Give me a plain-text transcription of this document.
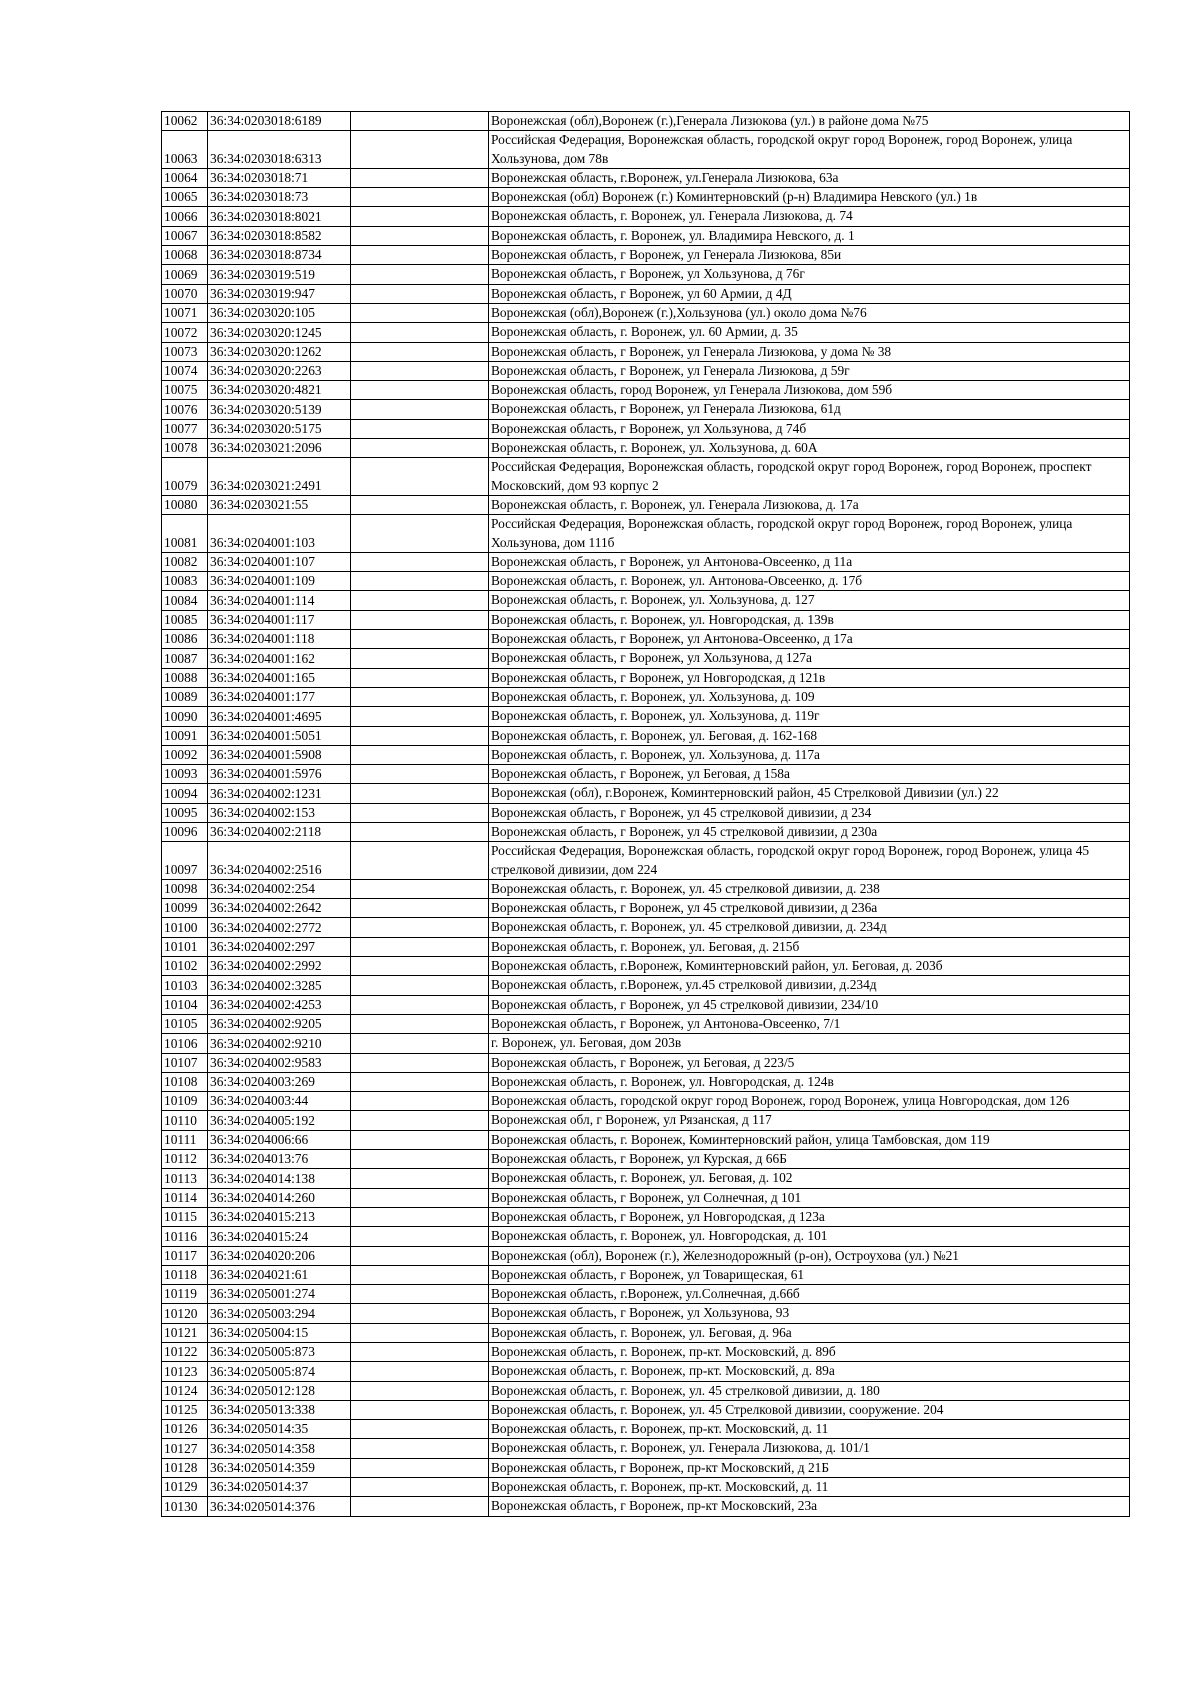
10062	36:34:0203018:6189		Воронежская (обл),Воронеж (г.),Генерала Лизюкова (ул.) в районе дома №75
10063	36:34:0203018:6313		Российская Федерация, Воронежская область, городской округ город Воронеж, город Воронеж, улица Хользунова, дом 78в
10064	36:34:0203018:71		Воронежская область, г.Воронеж, ул.Генерала Лизюкова, 63а
10065	36:34:0203018:73		Воронежская (обл) Воронеж (г.) Коминтерновский (р-н) Владимира Невского (ул.) 1в
10066	36:34:0203018:8021		Воронежская область, г. Воронеж, ул. Генерала Лизюкова, д. 74
10067	36:34:0203018:8582		Воронежская область, г. Воронеж, ул. Владимира Невского, д. 1
10068	36:34:0203018:8734		Воронежская область, г Воронеж, ул Генерала Лизюкова, 85и
10069	36:34:0203019:519		Воронежская область, г Воронеж, ул Хользунова, д 76г
10070	36:34:0203019:947		Воронежская область, г Воронеж, ул 60 Армии, д 4Д
10071	36:34:0203020:105		Воронежская (обл),Воронеж (г.),Хользунова (ул.) около дома №76
10072	36:34:0203020:1245		Воронежская область, г. Воронеж, ул. 60 Армии, д. 35
10073	36:34:0203020:1262		Воронежская область, г Воронеж, ул Генерала Лизюкова, у дома № 38
10074	36:34:0203020:2263		Воронежская область, г Воронеж, ул Генерала Лизюкова, д 59г
10075	36:34:0203020:4821		Воронежская область, город Воронеж, ул Генерала Лизюкова, дом 59б
10076	36:34:0203020:5139		Воронежская область, г Воронеж, ул Генерала Лизюкова, 61д
10077	36:34:0203020:5175		Воронежская область, г Воронеж, ул Хользунова, д 74б
10078	36:34:0203021:2096		Воронежская область, г. Воронеж, ул. Хользунова, д. 60А
10079	36:34:0203021:2491		Российская Федерация, Воронежская область, городской округ город Воронеж, город Воронеж, проспект Московский, дом 93 корпус 2
10080	36:34:0203021:55		Воронежская область, г. Воронеж, ул. Генерала Лизюкова, д. 17а
10081	36:34:0204001:103		Российская Федерация, Воронежская область, городской округ город Воронеж, город Воронеж, улица Хользунова, дом 111б
10082	36:34:0204001:107		Воронежская область, г Воронеж, ул Антонова-Овсеенко, д 11а
10083	36:34:0204001:109		Воронежская область, г. Воронеж, ул. Антонова-Овсеенко, д. 17б
10084	36:34:0204001:114		Воронежская область, г. Воронеж, ул. Хользунова, д. 127
10085	36:34:0204001:117		Воронежская область, г. Воронеж, ул. Новгородская, д. 139в
10086	36:34:0204001:118		Воронежская область, г Воронеж, ул Антонова-Овсеенко, д 17а
10087	36:34:0204001:162		Воронежская область, г Воронеж, ул Хользунова, д 127а
10088	36:34:0204001:165		Воронежская область, г Воронеж, ул Новгородская, д 121в
10089	36:34:0204001:177		Воронежская область, г. Воронеж, ул. Хользунова, д. 109
10090	36:34:0204001:4695		Воронежская область, г. Воронеж, ул. Хользунова, д. 119г
10091	36:34:0204001:5051		Воронежская область, г. Воронеж, ул. Беговая, д. 162-168
10092	36:34:0204001:5908		Воронежская область, г. Воронеж, ул. Хользунова, д. 117а
10093	36:34:0204001:5976		Воронежская область, г Воронеж, ул Беговая, д 158а
10094	36:34:0204002:1231		Воронежская (обл), г.Воронеж, Коминтерновский район, 45 Стрелковой Дивизии (ул.) 22
10095	36:34:0204002:153		Воронежская область, г Воронеж, ул 45 стрелковой дивизии, д 234
10096	36:34:0204002:2118		Воронежская область, г Воронеж, ул 45 стрелковой дивизии, д 230а
10097	36:34:0204002:2516		Российская Федерация, Воронежская область, городской округ город Воронеж, город Воронеж, улица 45 стрелковой дивизии, дом 224
10098	36:34:0204002:254		Воронежская область, г. Воронеж, ул. 45 стрелковой дивизии, д. 238
10099	36:34:0204002:2642		Воронежская область, г Воронеж, ул 45 стрелковой дивизии, д 236а
10100	36:34:0204002:2772		Воронежская область, г. Воронеж, ул. 45 стрелковой дивизии, д. 234д
10101	36:34:0204002:297		Воронежская область, г. Воронеж, ул. Беговая, д. 215б
10102	36:34:0204002:2992		Воронежская область, г.Воронеж, Коминтерновский район, ул. Беговая, д. 203б
10103	36:34:0204002:3285		Воронежская область, г.Воронеж, ул.45 стрелковой дивизии, д.234д
10104	36:34:0204002:4253		Воронежская область, г Воронеж, ул 45 стрелковой дивизии, 234/10
10105	36:34:0204002:9205		Воронежская область, г Воронеж, ул Антонова-Овсеенко, 7/1
10106	36:34:0204002:9210		г. Воронеж, ул. Беговая, дом 203в
10107	36:34:0204002:9583		Воронежская область, г Воронеж, ул Беговая, д 223/5
10108	36:34:0204003:269		Воронежская область, г. Воронеж, ул. Новгородская, д. 124в
10109	36:34:0204003:44		Воронежская область, городской округ город Воронеж, город Воронеж, улица Новгородская, дом 126
10110	36:34:0204005:192		Воронежская обл, г Воронеж, ул Рязанская, д 117
10111	36:34:0204006:66		Воронежская область, г. Воронеж, Коминтерновский район, улица Тамбовская, дом 119
10112	36:34:0204013:76		Воронежская область, г Воронеж, ул Курская, д 66Б
10113	36:34:0204014:138		Воронежская область, г. Воронеж, ул. Беговая, д. 102
10114	36:34:0204014:260		Воронежская область, г Воронеж, ул Солнечная, д 101
10115	36:34:0204015:213		Воронежская область, г Воронеж, ул Новгородская, д 123а
10116	36:34:0204015:24		Воронежская область, г. Воронеж, ул. Новгородская, д. 101
10117	36:34:0204020:206		Воронежская (обл), Воронеж (г.), Железнодорожный (р-он), Остроухова (ул.) №21
10118	36:34:0204021:61		Воронежская область, г Воронеж, ул Товарищеская, 61
10119	36:34:0205001:274		Воронежская область, г.Воронеж, ул.Солнечная, д.66б
10120	36:34:0205003:294		Воронежская область, г Воронеж, ул Хользунова, 93
10121	36:34:0205004:15		Воронежская область, г. Воронеж, ул. Беговая, д. 96а
10122	36:34:0205005:873		Воронежская область, г. Воронеж, пр-кт. Московский, д. 89б
10123	36:34:0205005:874		Воронежская область, г. Воронеж, пр-кт. Московский, д. 89а
10124	36:34:0205012:128		Воронежская область, г. Воронеж, ул. 45 стрелковой дивизии, д. 180
10125	36:34:0205013:338		Воронежская область, г. Воронеж, ул. 45 Стрелковой дивизии, сооружение. 204
10126	36:34:0205014:35		Воронежская область, г. Воронеж, пр-кт. Московский, д. 11
10127	36:34:0205014:358		Воронежская область, г. Воронеж, ул. Генерала Лизюкова, д. 101/1
10128	36:34:0205014:359		Воронежская область, г Воронеж, пр-кт Московский, д 21Б
10129	36:34:0205014:37		Воронежская область, г. Воронеж, пр-кт. Московский, д. 11
10130	36:34:0205014:376		Воронежская область, г Воронеж, пр-кт Московский, 23а
